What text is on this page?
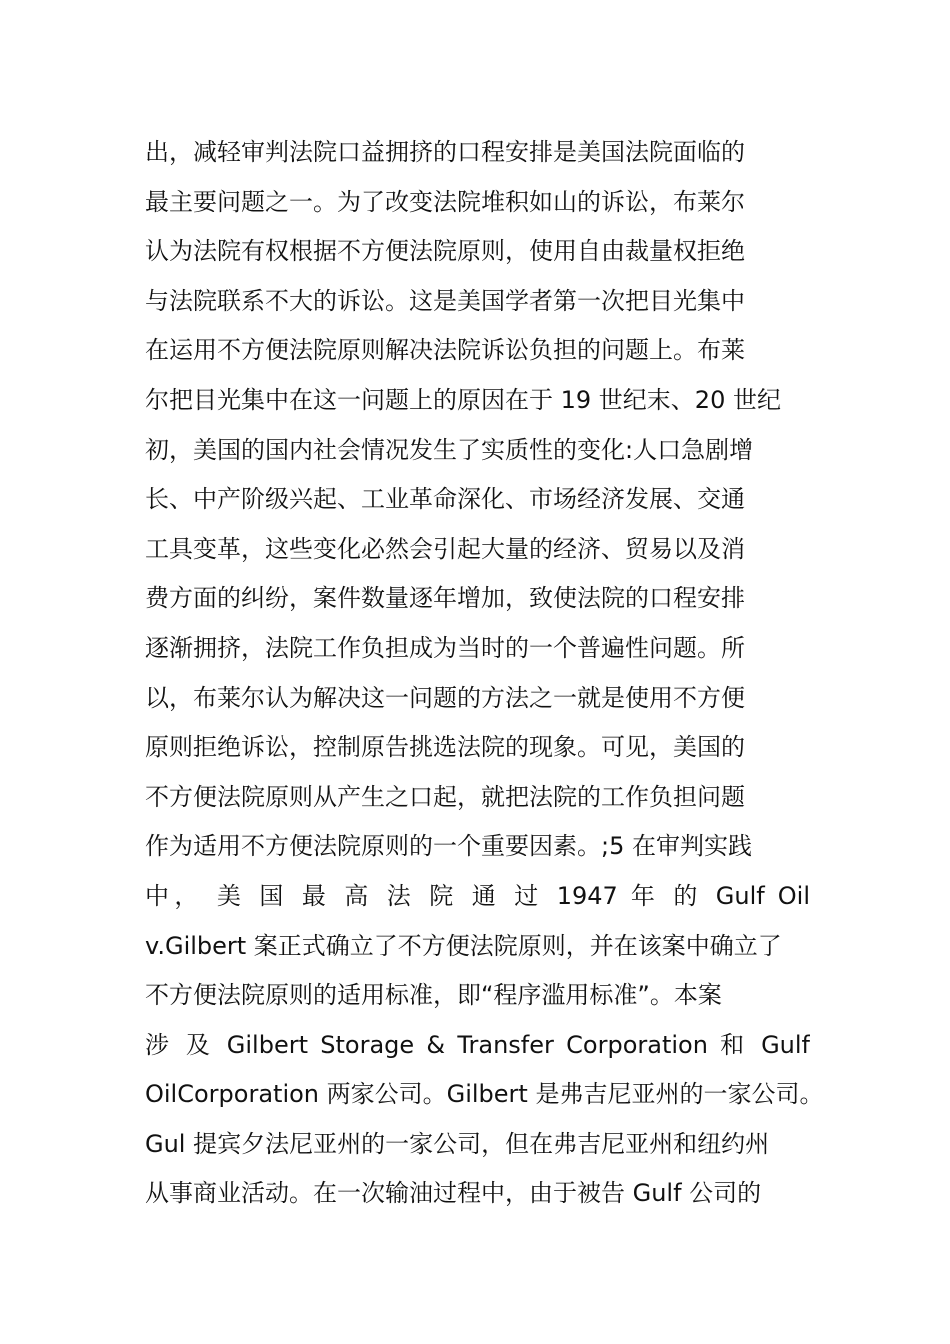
出，减轻审判法院口益拥挤的口程安排是美国法院面临的
最主要问题之一。为了改变法院堆积如山的诉讼，布莱尔
认为法院有权根据不方便法院原则，使用自由裁量权拒绝
与法院联系不大的诉讼。这是美国学者第一次把目光集中
在运用不方便法院原则解决法院诉讼负担的问题上。布莱
尔把目光集中在这一问题上的原因在于 19 世纪末、20 世纪
初，美国的国内社会情况发生了实质性的变化:人口急剧增
长、中产阶级兴起、工业革命深化、市场经济发展、交通
工具变革，这些变化必然会引起大量的经济、贸易以及消
费方面的纠纷，案件数量逐年增加，致使法院的口程安排
逐渐拥挤，法院工作负担成为当时的一个普遍性问题。所
以，布莱尔认为解决这一问题的方法之一就是使用不方便
原则拒绝诉讼，控制原告挑选法院的现象。可见，美国的
不方便法院原则从产生之口起，就把法院的工作负担问题
作为适用不方便法院原则的一个重要因素。;5 在审判实践
中， 美 国 最 高 法 院 通 过 1947 年 的 Gulf Oil
v.Gilbert 案正式确立了不方便法院原则，并在该案中确立了
不方便法院原则的适用标准，即“程序滥用标准”。本案
涉 及 Gilbert Storage & Transfer Corporation 和 Gulf
OilCorporation 两家公司。Gilbert 是弗吉尼亚州的一家公司。
Gul 提宾夕法尼亚州的一家公司，但在弗吉尼亚州和纽约州
从事商业活动。在一次输油过程中，由于被告 Gulf 公司的
